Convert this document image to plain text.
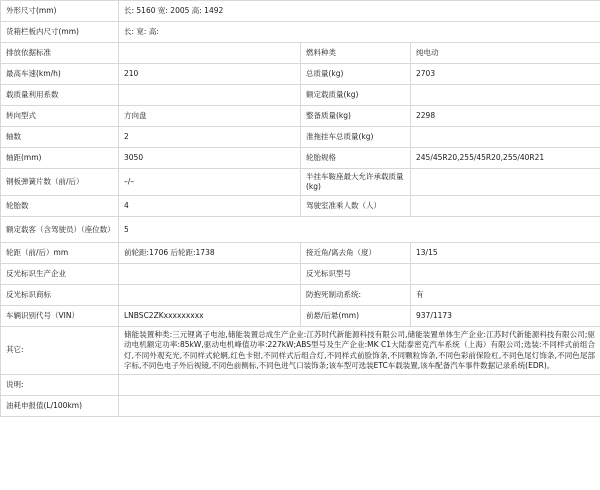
外形尺寸(mm)	长: 5160 宽: 2005 高: 1492		
货箱栏板内尺寸(mm)	长: 宽: 高:		
排放依据标准		燃料种类	纯电动
最高车速(km/h)	210	总质量(kg)	2703
载质量利用系数		额定载质量(kg)	
转向型式	方向盘	整备质量(kg)	2298
轴数	2	准拖挂车总质量(kg)	
轴距(mm)	3050	轮胎规格	245/45R20,255/45R20,255/40R21
钢板弹簧片数（前/后）	–/–	半挂车鞍座最大允许承载质量(kg)	
轮胎数	4	驾驶室准乘人数（人）	
额定载客（含驾驶员）（座位数）	5		
轮距（前/后）mm	前轮距:1706 后轮距:1738	接近角/离去角（度）	13/15
反光标识生产企业		反光标识型号	
反光标识商标		防抱死制动系统:	有
车辆识别代号（VIN）	LNBSC2ZKxxxxxxxxx	前悬/后悬(mm)	937/1173
其它:	储能装置种类:三元锂离子电池,储能装置总成生产企业:江苏时代新能源科技有限公司,储能装置单体生产企业:江苏时代新能源科技有限公司;驱动电机额定功率:85kW,驱动电机峰值功率:227kW;ABS型号及生产企业:MK C1大陆泰密克汽车系统（上海）有限公司;选装:不同样式前组合灯,不同外观充光,不同样式轮辋,红色卡钳,不同样式后组合灯,不同样式前脸饰条,不同颗粒饰条,不同色彩前保险杠,不同色尾灯饰条,不同色尾部字标,不同色电子外后视镜,不同色前侧标,不同色进气口装饰条;该车型可选装ETC车载装置,该车配备汽车事件数据记录系统(EDR)。		
说明:			
油耗申报值(L/100km)			
